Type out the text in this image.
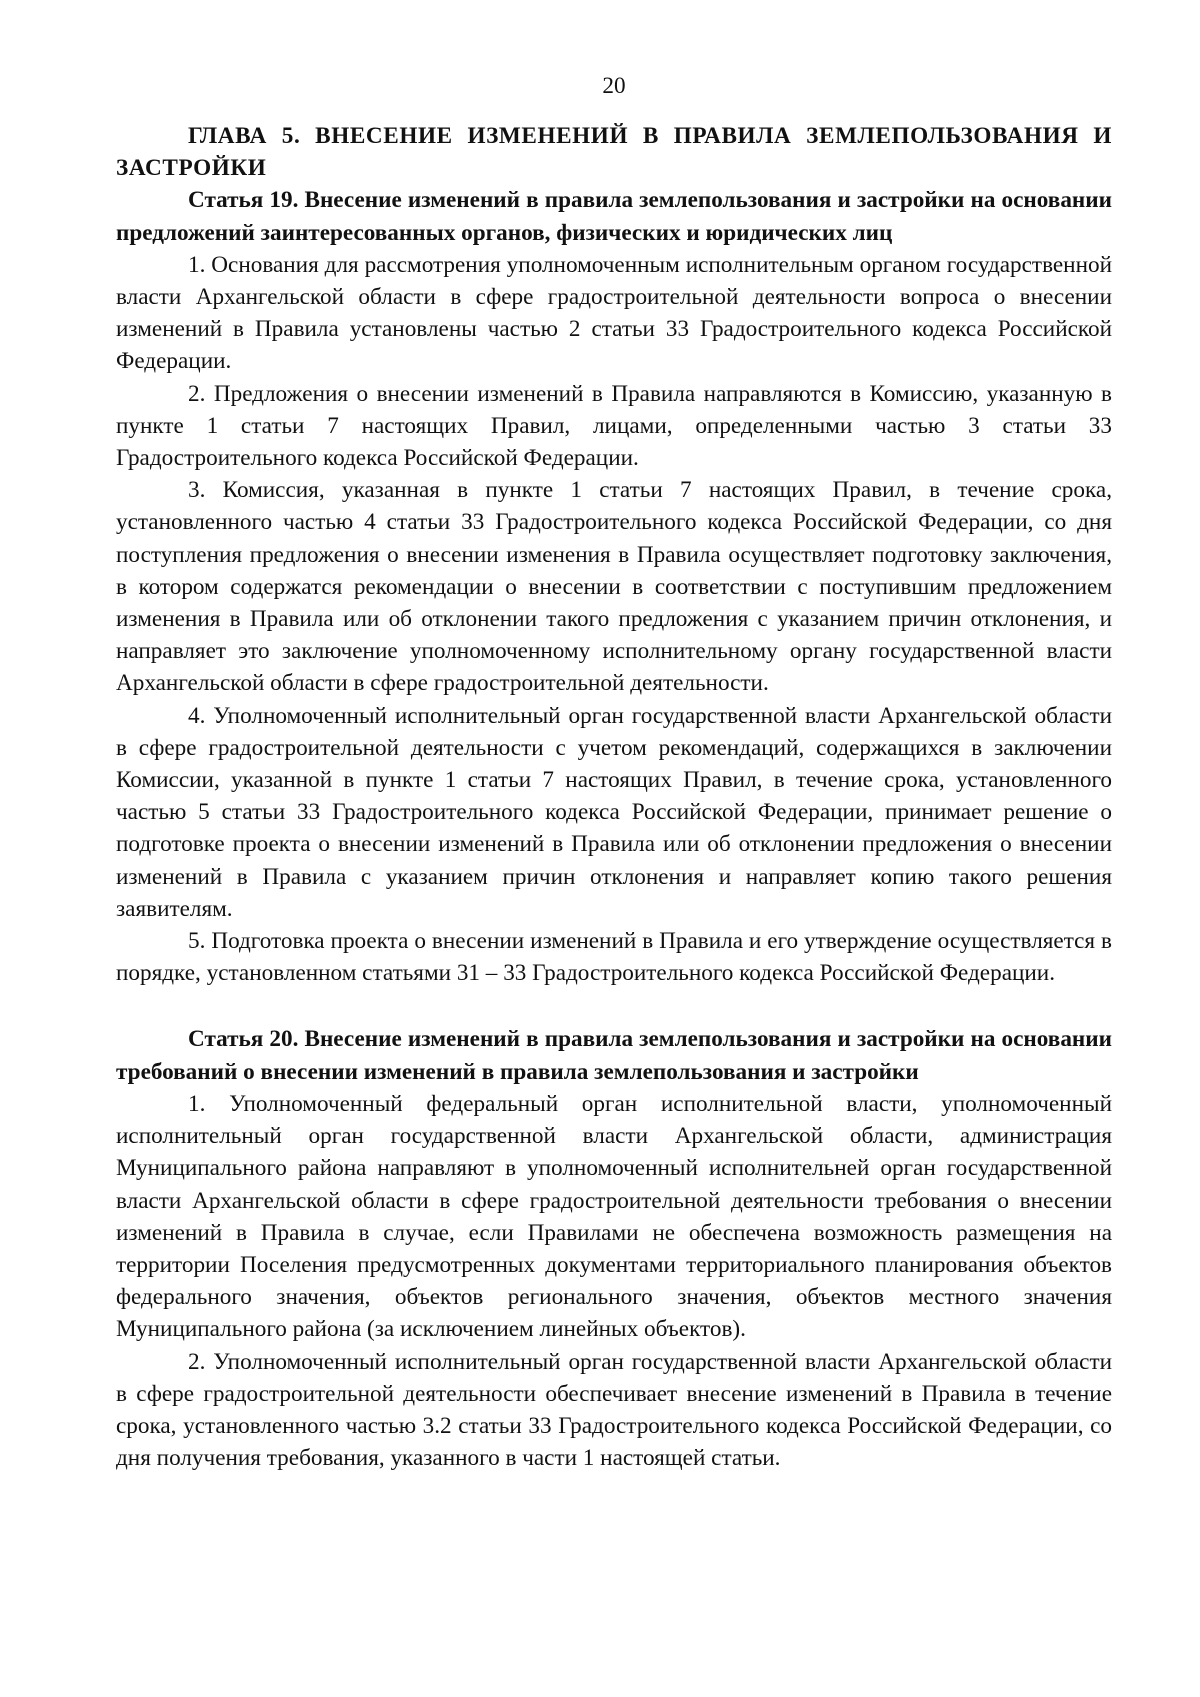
20

ГЛАВА 5. ВНЕСЕНИЕ ИЗМЕНЕНИЙ В ПРАВИЛА ЗЕМЛЕПОЛЬЗОВАНИЯ И ЗАСТРОЙКИ

Статья 19. Внесение изменений в правила землепользования и застройки на основании предложений заинтересованных органов, физических и юридических лиц

1. Основания для рассмотрения уполномоченным исполнительным органом государственной власти Архангельской области в сфере градостроительной деятельности вопроса о внесении изменений в Правила установлены частью 2 статьи 33 Градостроительного кодекса Российской Федерации.

2. Предложения о внесении изменений в Правила направляются в Комиссию, указанную в пункте 1 статьи 7 настоящих Правил, лицами, определенными частью 3 статьи 33 Градостроительного кодекса Российской Федерации.

3. Комиссия, указанная в пункте 1 статьи 7 настоящих Правил, в течение срока, установленного частью 4 статьи 33 Градостроительного кодекса Российской Федерации, со дня поступления предложения о внесении изменения в Правила осуществляет подготовку заключения, в котором содержатся рекомендации о внесении в соответствии с поступившим предложением изменения в Правила или об отклонении такого предложения с указанием причин отклонения, и направляет это заключение уполномоченному исполнительному органу государственной власти Архангельской области в сфере градостроительной деятельности.

4. Уполномоченный исполнительный орган государственной власти Архангельской области в сфере градостроительной деятельности с учетом рекомендаций, содержащихся в заключении Комиссии, указанной в пункте 1 статьи 7 настоящих Правил, в течение срока, установленного частью 5 статьи 33 Градостроительного кодекса Российской Федерации, принимает решение о подготовке проекта о внесении изменений в Правила или об отклонении предложения о внесении изменений в Правила с указанием причин отклонения и направляет копию такого решения заявителям.

5. Подготовка проекта о внесении изменений в Правила и его утверждение осуществляется в порядке, установленном статьями 31 – 33 Градостроительного кодекса Российской Федерации.

Статья 20. Внесение изменений в правила землепользования и застройки на основании требований о внесении изменений в правила землепользования и застройки

1. Уполномоченный федеральный орган исполнительной власти, уполномоченный исполнительный орган государственной власти Архангельской области, администрация Муниципального района направляют в уполномоченный исполнительней орган государственной власти Архангельской области в сфере градостроительной деятельности требования о внесении изменений в Правила в случае, если Правилами не обеспечена возможность размещения на территории Поселения предусмотренных документами территориального планирования объектов федерального значения, объектов регионального значения, объектов местного значения Муниципального района (за исключением линейных объектов).

2. Уполномоченный исполнительный орган государственной власти Архангельской области в сфере градостроительной деятельности обеспечивает внесение изменений в Правила в течение срока, установленного частью 3.2 статьи 33 Градостроительного кодекса Российской Федерации, со дня получения требования, указанного в части 1 настоящей статьи.
